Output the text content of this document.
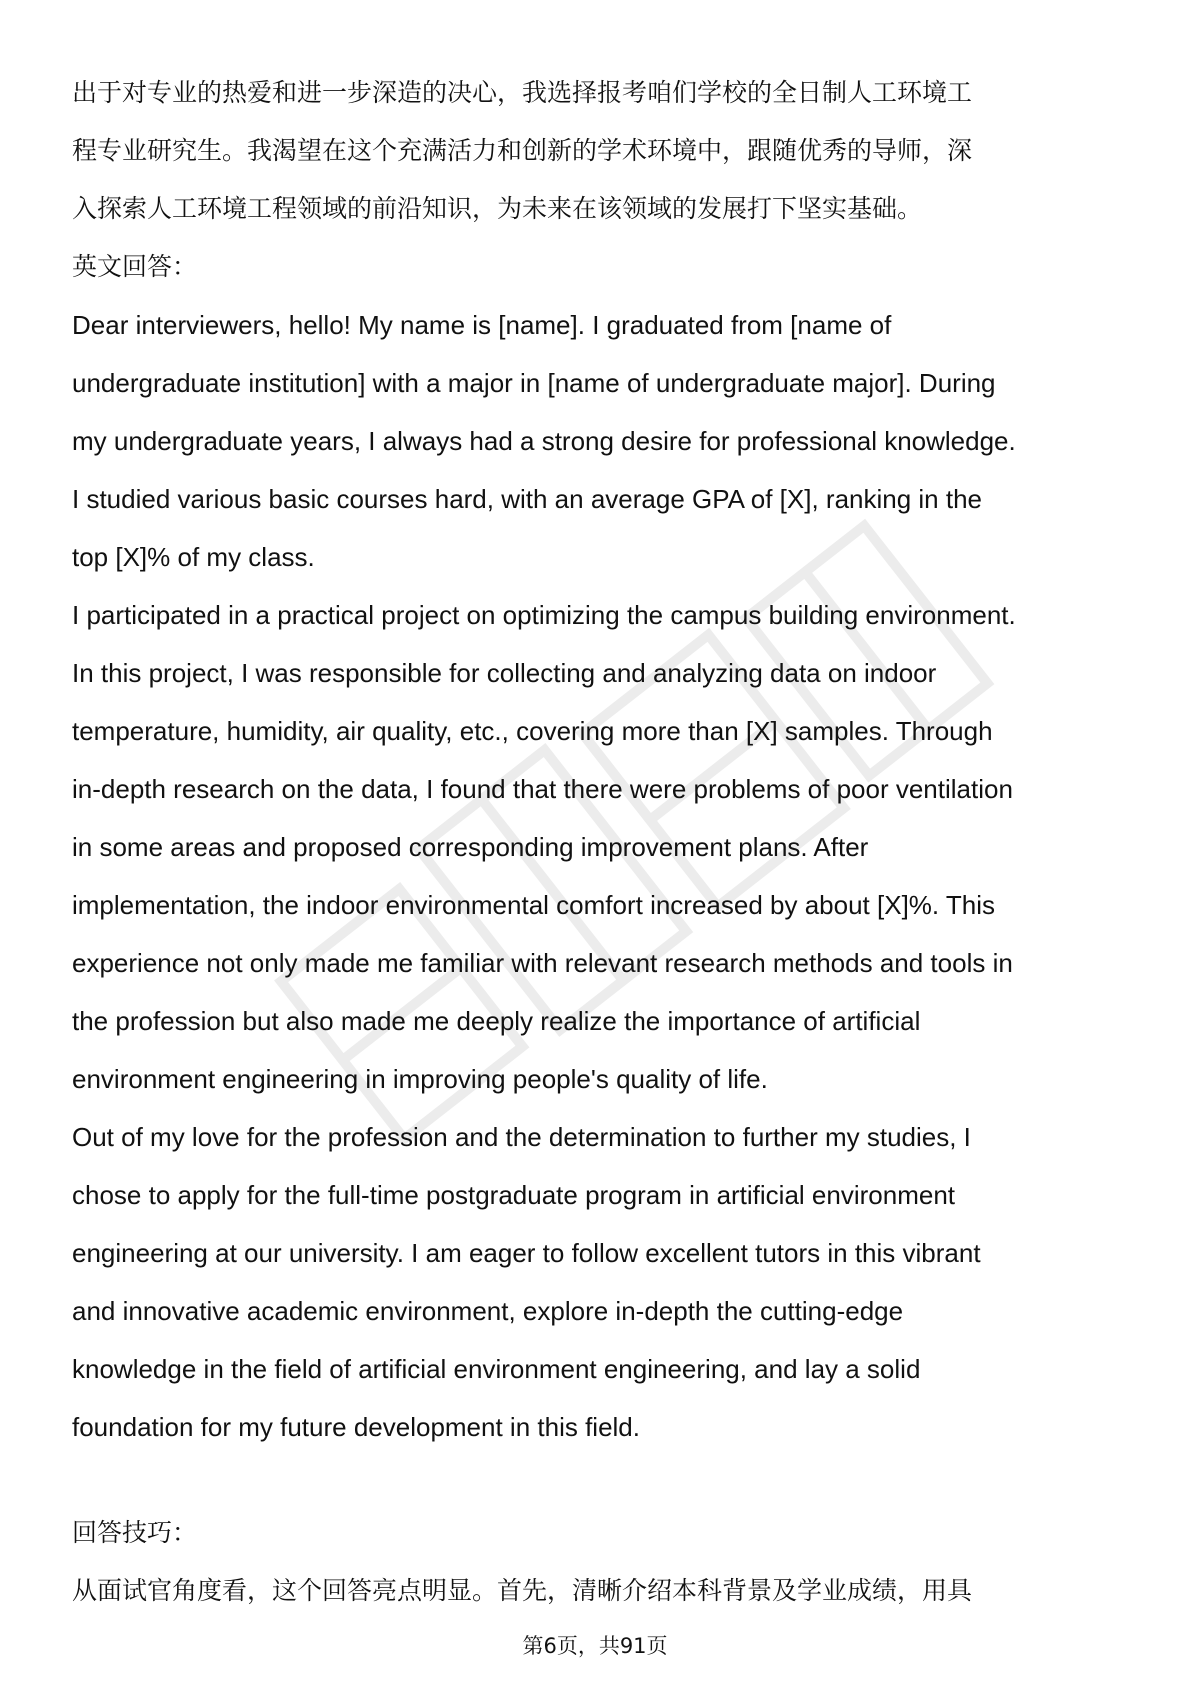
出于对专业的热爱和进一步深造的决心，我选择报考咱们学校的全日制人工环境工
程专业研究生。我渴望在这个充满活力和创新的学术环境中，跟随优秀的导师，深
入探索人工环境工程领域的前沿知识，为未来在该领域的发展打下坚实基础。
英文回答：
Dear interviewers, hello! My name is [name]. I graduated from [name of
undergraduate institution] with a major in [name of undergraduate major]. During
my undergraduate years, I always had a strong desire for professional knowledge.
I studied various basic courses hard, with an average GPA of [X], ranking in the
top [X]% of my class.
I participated in a practical project on optimizing the campus building environment.
In this project, I was responsible for collecting and analyzing data on indoor
temperature, humidity, air quality, etc., covering more than [X] samples. Through
in-depth research on the data, I found that there were problems of poor ventilation
in some areas and proposed corresponding improvement plans. After
implementation, the indoor environmental comfort increased by about [X]%. This
experience not only made me familiar with relevant research methods and tools in
the profession but also made me deeply realize the importance of artificial
environment engineering in improving people's quality of life.
Out of my love for the profession and the determination to further my studies, I
chose to apply for the full-time postgraduate program in artificial environment
engineering at our university. I am eager to follow excellent tutors in this vibrant
and innovative academic environment, explore in-depth the cutting-edge
knowledge in the field of artificial environment engineering, and lay a solid
foundation for my future development in this field.
回答技巧：
从面试官角度看，这个回答亮点明显。首先，清晰介绍本科背景及学业成绩，用具
第6页，共91页
